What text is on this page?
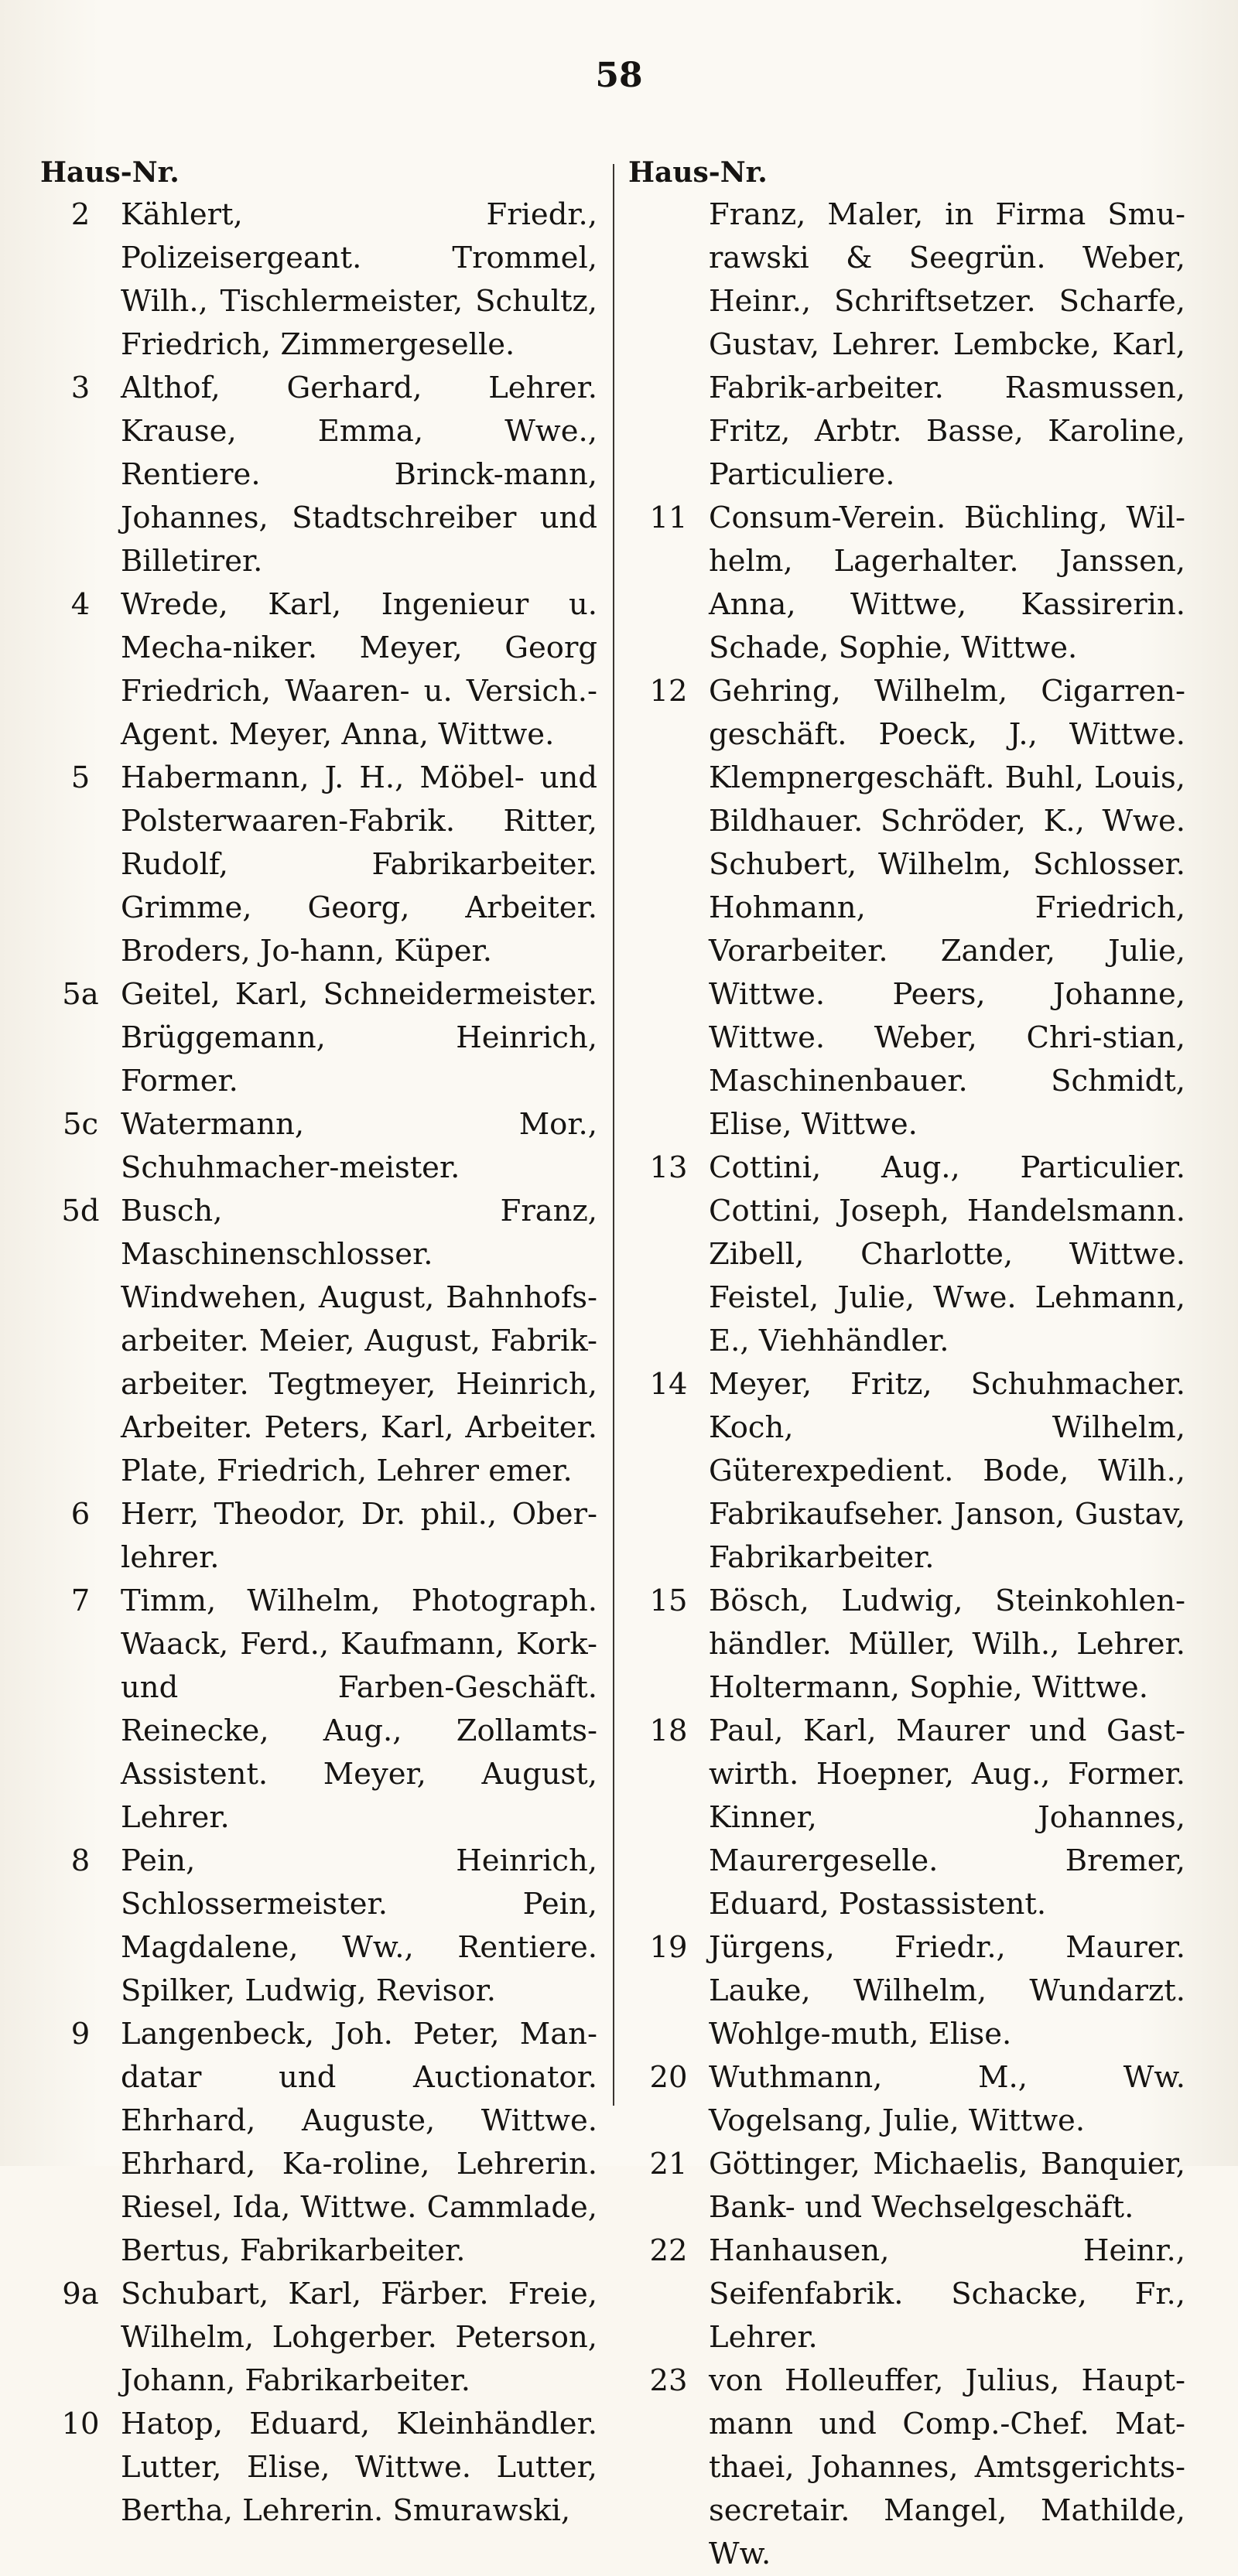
58
Haus-Nr.
2	Kählert, Friedr., Polizeisergeant. Trommel, Wilh., Tischlermeister, Schultz, Friedrich, Zimmergeselle.
3	Althof, Gerhard, Lehrer. Krause, Emma, Wwe., Rentiere. Brinck-mann, Johannes, Stadtschreiber und Billetirer.
4	Wrede, Karl, Ingenieur u. Mecha-niker. Meyer, Georg Friedrich, Waaren- u. Versich.-Agent. Meyer, Anna, Wittwe.
5	Habermann, J. H., Möbel- und Polsterwaaren-Fabrik. Ritter, Rudolf, Fabrikarbeiter. Grimme, Georg, Arbeiter. Broders, Jo-hann, Küper.
5a Geitel, Karl, Schneidermeister. Brüggemann, Heinrich, Former.
5c Watermann, Mor., Schuhmacher-meister.
5d Busch, Franz, Maschinenschlosser. Windwehen, August, Bahnhofs-arbeiter. Meier, August, Fabrik-arbeiter. Tegtmeyer, Heinrich, Arbeiter. Peters, Karl, Arbeiter. Plate, Friedrich, Lehrer emer.
6	Herr, Theodor, Dr. phil., Ober-lehrer.
7	Timm, Wilhelm, Photograph. Waack, Ferd., Kaufmann, Kork-und Farben-Geschäft. Reinecke, Aug., Zollamts-Assistent. Meyer, August, Lehrer.
8	Pein, Heinrich, Schlossermeister. Pein, Magdalene, Ww., Rentiere. Spilker, Ludwig, Revisor.
9	Langenbeck, Joh. Peter, Man-datar und Auctionator. Ehrhard, Auguste, Wittwe. Ehrhard, Ka-roline, Lehrerin. Riesel, Ida, Wittwe. Cammlade, Bertus, Fabrikarbeiter.
9a Schubart, Karl, Färber. Freie, Wilhelm, Lohgerber. Peterson, Johann, Fabrikarbeiter.
10 Hatop, Eduard, Kleinhändler. Lutter, Elise, Wittwe. Lutter, Bertha, Lehrerin. Smurawski,
Haus-Nr.
Franz, Maler, in Firma Smu-rawski & Seegrün. Weber, Heinr., Schriftsetzer. Scharfe, Gustav, Lehrer. Lembcke, Karl, Fabrik-arbeiter. Rasmussen, Fritz, Arbtr. Basse, Karoline, Particuliere.
11 Consum-Verein. Büchling, Wil-helm, Lagerhalter. Janssen, Anna, Wittwe, Kassirerin. Schade, Sophie, Wittwe.
12 Gehring, Wilhelm, Cigarren-geschäft. Poeck, J., Wittwe. Klempnergeschäft. Buhl, Louis, Bildhauer. Schröder, K., Wwe. Schubert, Wilhelm, Schlosser. Hohmann, Friedrich, Vorarbeiter. Zander, Julie, Wittwe. Peers, Johanne, Wittwe. Weber, Chri-stian, Maschinenbauer. Schmidt, Elise, Wittwe.
13 Cottini, Aug., Particulier. Cottini, Joseph, Handelsmann. Zibell, Charlotte, Wittwe. Feistel, Julie, Wwe. Lehmann, E., Viehhändler.
14 Meyer, Fritz, Schuhmacher. Koch, Wilhelm, Güterexpedient. Bode, Wilh., Fabrikaufseher. Janson, Gustav, Fabrikarbeiter.
15 Bösch, Ludwig, Steinkohlen-händler. Müller, Wilh., Lehrer. Holtermann, Sophie, Wittwe.
18 Paul, Karl, Maurer und Gast-wirth. Hoepner, Aug., Former. Kinner, Johannes, Maurergeselle. Bremer, Eduard, Postassistent.
19 Jürgens, Friedr., Maurer. Lauke, Wilhelm, Wundarzt. Wohlge-muth, Elise.
20 Wuthmann, M., Ww. Vogelsang, Julie, Wittwe.
21 Göttinger, Michaelis, Banquier, Bank- und Wechselgeschäft.
22 Hanhausen, Heinr., Seifenfabrik. Schacke, Fr., Lehrer.
23 von Holleuffer, Julius, Haupt-mann und Comp.-Chef. Mat-thaei, Johannes, Amtsgerichts-secretair. Mangel, Mathilde, Ww.
